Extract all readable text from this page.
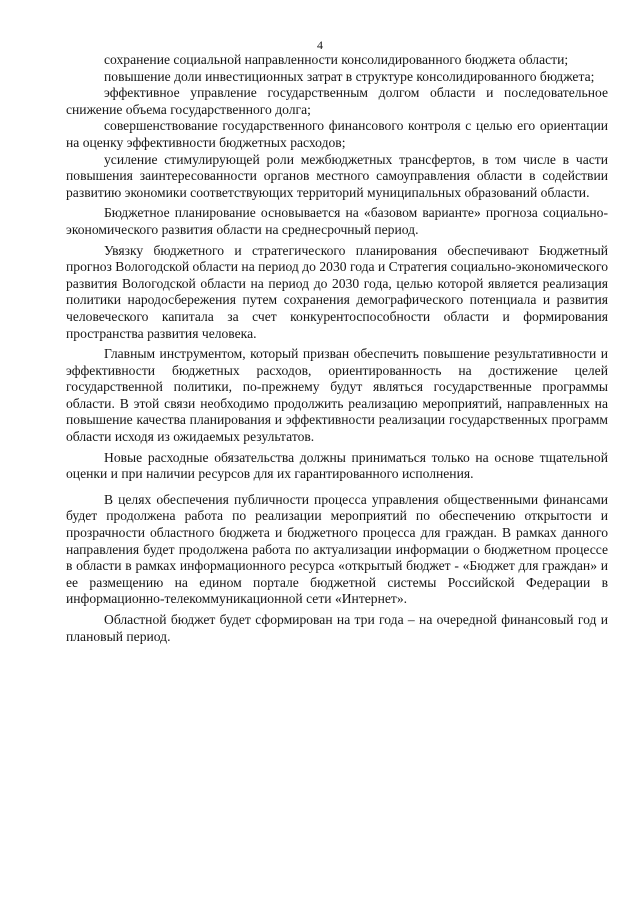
4

сохранение социальной направленности консолидированного бюджета области;

повышение доли инвестиционных затрат в структуре консолидированного бюджета;

эффективное управление государственным долгом области и последовательное снижение объема государственного долга;

совершенствование государственного финансового контроля с целью его ориентации на оценку эффективности бюджетных расходов;

усиление стимулирующей роли межбюджетных трансфертов, в том числе в части повышения заинтересованности органов местного самоуправления области в содействии развитию экономики соответствующих территорий муниципальных образований области.

Бюджетное планирование основывается на «базовом варианте» прогноза социально-экономического развития области на среднесрочный период.

Увязку бюджетного и стратегического планирования обеспечивают Бюджетный прогноз Вологодской области на период до 2030 года и Стратегия социально-экономического развития Вологодской области на период до 2030 года, целью которой является реализация политики народосбережения путем сохранения демографического потенциала и развития человеческого капитала за счет конкурентоспособности области и формирования пространства развития человека.

Главным инструментом, который призван обеспечить повышение результативности и эффективности бюджетных расходов, ориентированность на достижение целей государственной политики, по-прежнему будут являться государственные программы области. В этой связи необходимо продолжить реализацию мероприятий, направленных на повышение качества планирования и эффективности реализации государственных программ области исходя из ожидаемых результатов.

Новые расходные обязательства должны приниматься только на основе тщательной оценки и при наличии ресурсов для их гарантированного исполнения.

В целях обеспечения публичности процесса управления общественными финансами будет продолжена работа по реализации мероприятий по обеспечению открытости и прозрачности областного бюджета и бюджетного процесса для граждан. В рамках данного направления будет продолжена работа по актуализации информации о бюджетном процессе в области в рамках информационного ресурса «открытый бюджет - «Бюджет для граждан» и ее размещению на едином портале бюджетной системы Российской Федерации в информационно-телекоммуникационной сети «Интернет».

Областной бюджет будет сформирован на три года – на очередной финансовый год и плановый период.
